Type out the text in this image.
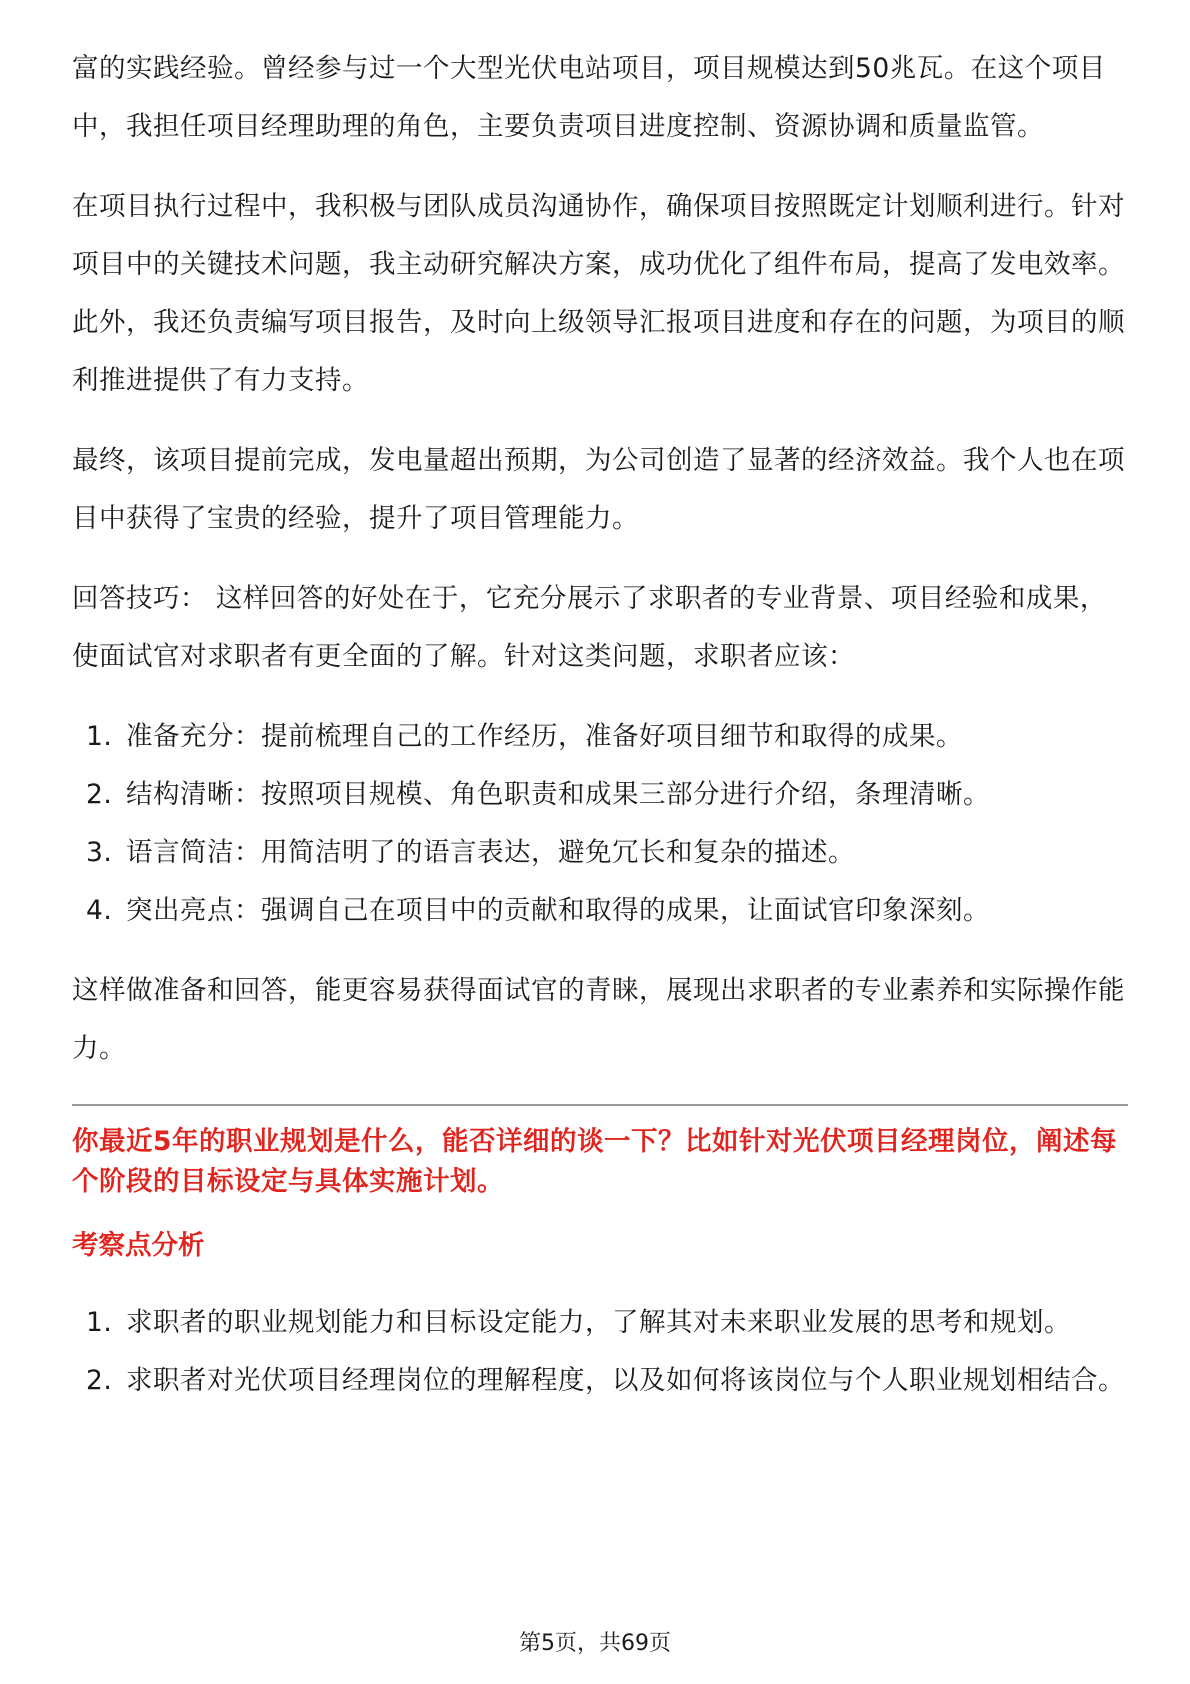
富的实践经验。曾经参与过一个大型光伏电站项目，项目规模达到50兆瓦。在这个项目中，我担任项目经理助理的角色，主要负责项目进度控制、资源协调和质量监管。

在项目执行过程中，我积极与团队成员沟通协作，确保项目按照既定计划顺利进行。针对项目中的关键技术问题，我主动研究解决方案，成功优化了组件布局，提高了发电效率。此外，我还负责编写项目报告，及时向上级领导汇报项目进度和存在的问题，为项目的顺利推进提供了有力支持。

最终，该项目提前完成，发电量超出预期，为公司创造了显著的经济效益。我个人也在项目中获得了宝贵的经验，提升了项目管理能力。

回答技巧： 这样回答的好处在于，它充分展示了求职者的专业背景、项目经验和成果，使面试官对求职者有更全面的了解。针对这类问题，求职者应该：

1. 准备充分：提前梳理自己的工作经历，准备好项目细节和取得的成果。
2. 结构清晰：按照项目规模、角色职责和成果三部分进行介绍，条理清晰。
3. 语言简洁：用简洁明了的语言表达，避免冗长和复杂的描述。
4. 突出亮点：强调自己在项目中的贡献和取得的成果，让面试官印象深刻。

这样做准备和回答，能更容易获得面试官的青睐，展现出求职者的专业素养和实际操作能力。

你最近5年的职业规划是什么，能否详细的谈一下？比如针对光伏项目经理岗位，阐述每个阶段的目标设定与具体实施计划。

考察点分析

1. 求职者的职业规划能力和目标设定能力，了解其对未来职业发展的思考和规划。
2. 求职者对光伏项目经理岗位的理解程度，以及如何将该岗位与个人职业规划相结合。
第5页，共69页
